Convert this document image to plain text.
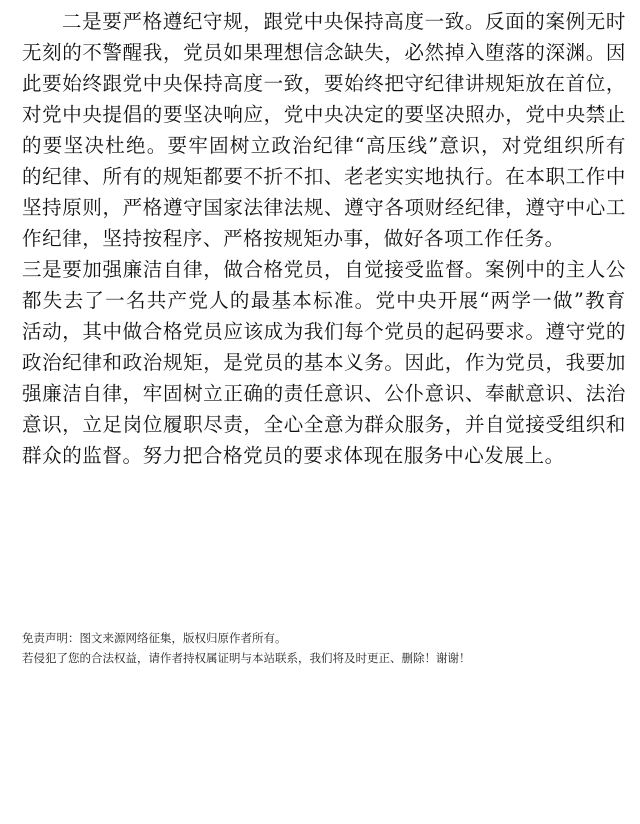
二是要严格遵纪守规，跟党中央保持高度一致。反面的案例无时无刻的不警醒我，党员如果理想信念缺失，必然掉入堕落的深渊。因此要始终跟党中央保持高度一致，要始终把守纪律讲规矩放在首位，对党中央提倡的要坚决响应，党中央决定的要坚决照办，党中央禁止的要坚决杜绝。要牢固树立政治纪律“高压线”意识，对党组织所有的纪律、所有的规矩都要不折不扣、老老实实地执行。在本职工作中坚持原则，严格遵守国家法律法规、遵守各项财经纪律，遵守中心工作纪律，坚持按程序、严格按规矩办事，做好各项工作任务。

三是要加强廉洁自律，做合格党员，自觉接受监督。案例中的主人公都失去了一名共产党人的最基本标准。党中央开展“两学一做”教育活动，其中做合格党员应该成为我们每个党员的起码要求。遵守党的政治纪律和政治规矩，是党员的基本义务。因此，作为党员，我要加强廉洁自律，牢固树立正确的责任意识、公仆意识、奉献意识、法治意识，立足岗位履职尽责，全心全意为群众服务，并自觉接受组织和群众的监督。努力把合格党员的要求体现在服务中心发展上。

免责声明：图文来源网络征集，版权归原作者所有。

若侵犯了您的合法权益，请作者持权属证明与本站联系，我们将及时更正、删除！谢谢！
